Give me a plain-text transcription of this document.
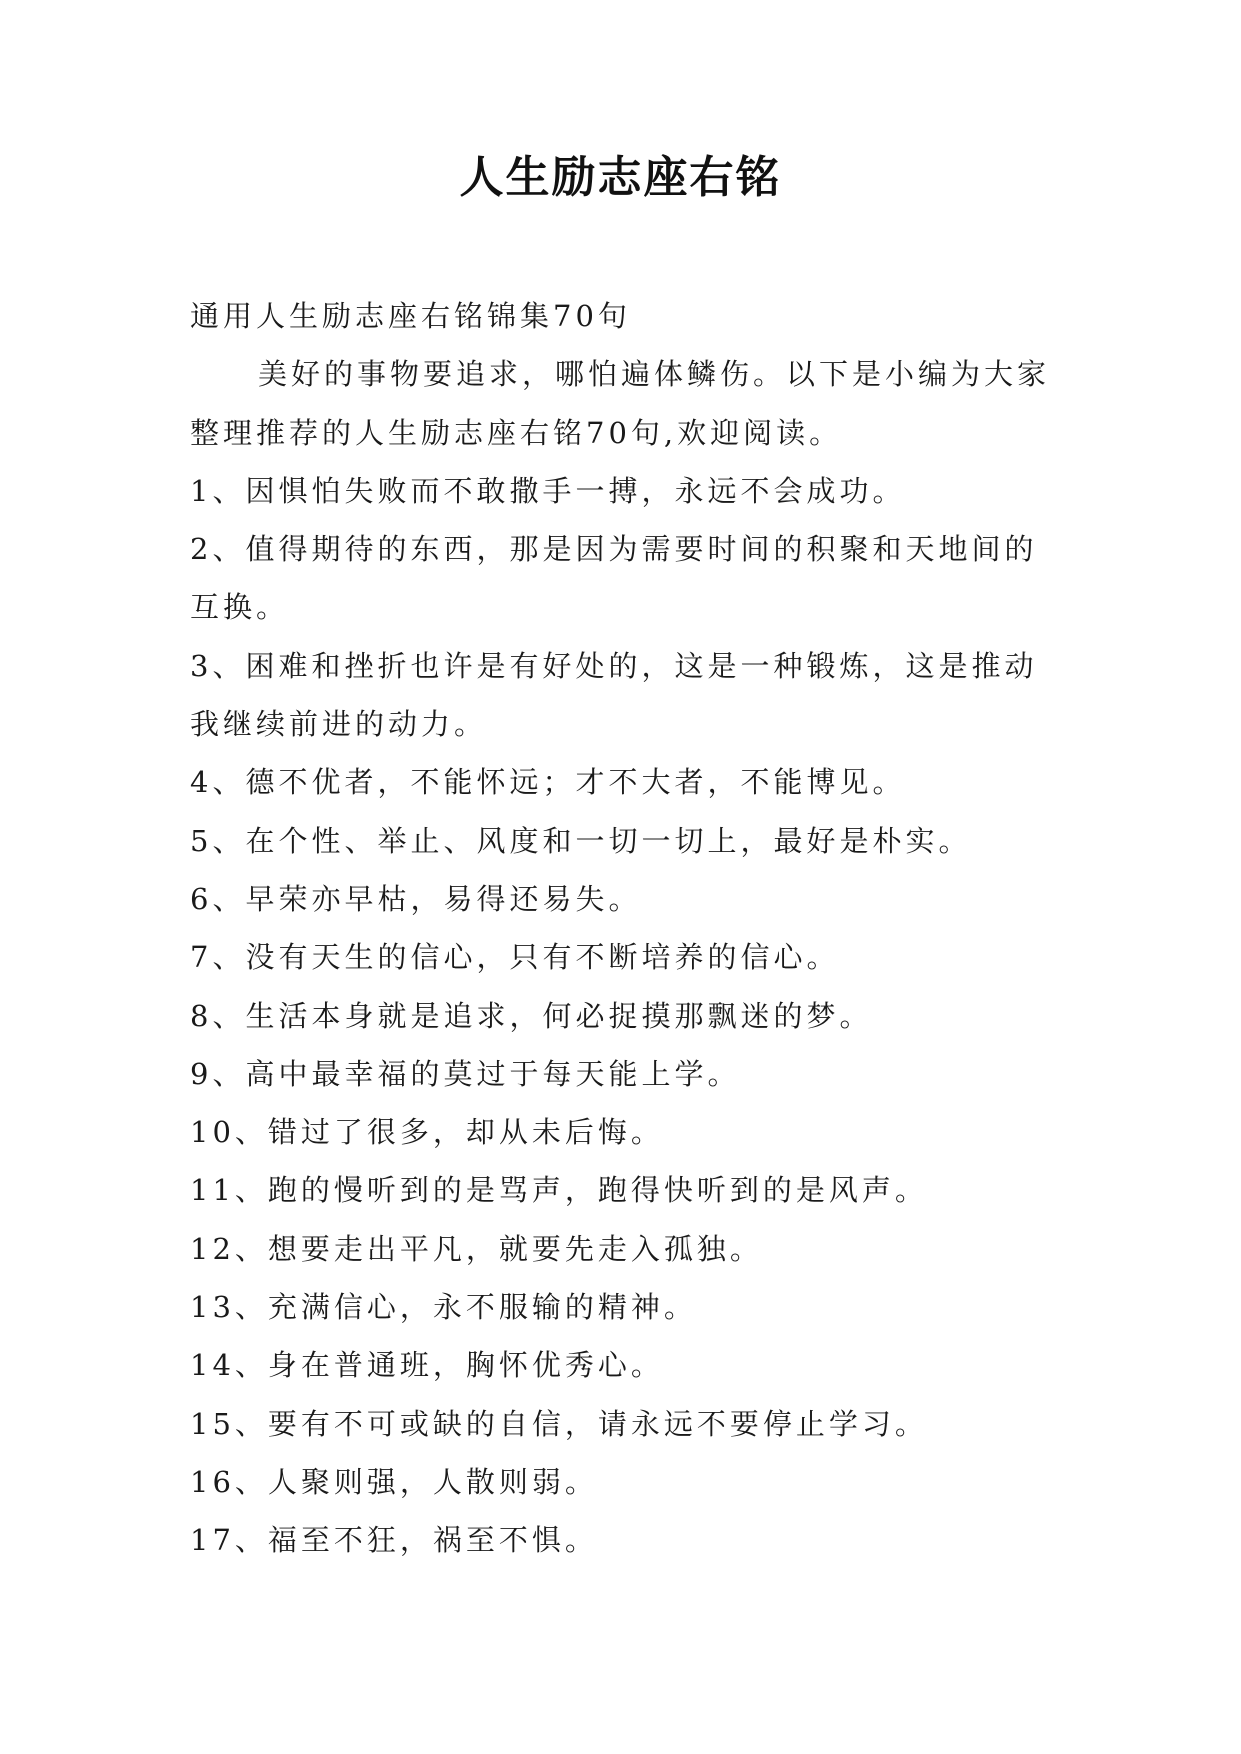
人生励志座右铭

通用人生励志座右铭锦集70句

美好的事物要追求，哪怕遍体鳞伤。以下是小编为大家整理推荐的人生励志座右铭70句,欢迎阅读。

1、因惧怕失败而不敢撒手一搏，永远不会成功。

2、值得期待的东西，那是因为需要时间的积聚和天地间的互换。

3、困难和挫折也许是有好处的，这是一种锻炼，这是推动我继续前进的动力。

4、德不优者，不能怀远；才不大者，不能博见。

5、在个性、举止、风度和一切一切上，最好是朴实。

6、早荣亦早枯，易得还易失。

7、没有天生的信心，只有不断培养的信心。

8、生活本身就是追求，何必捉摸那飘迷的梦。

9、高中最幸福的莫过于每天能上学。

10、错过了很多，却从未后悔。

11、跑的慢听到的是骂声，跑得快听到的是风声。

12、想要走出平凡，就要先走入孤独。

13、充满信心，永不服输的精神。

14、身在普通班，胸怀优秀心。

15、要有不可或缺的自信，请永远不要停止学习。

16、人聚则强，人散则弱。

17、福至不狂，祸至不惧。
